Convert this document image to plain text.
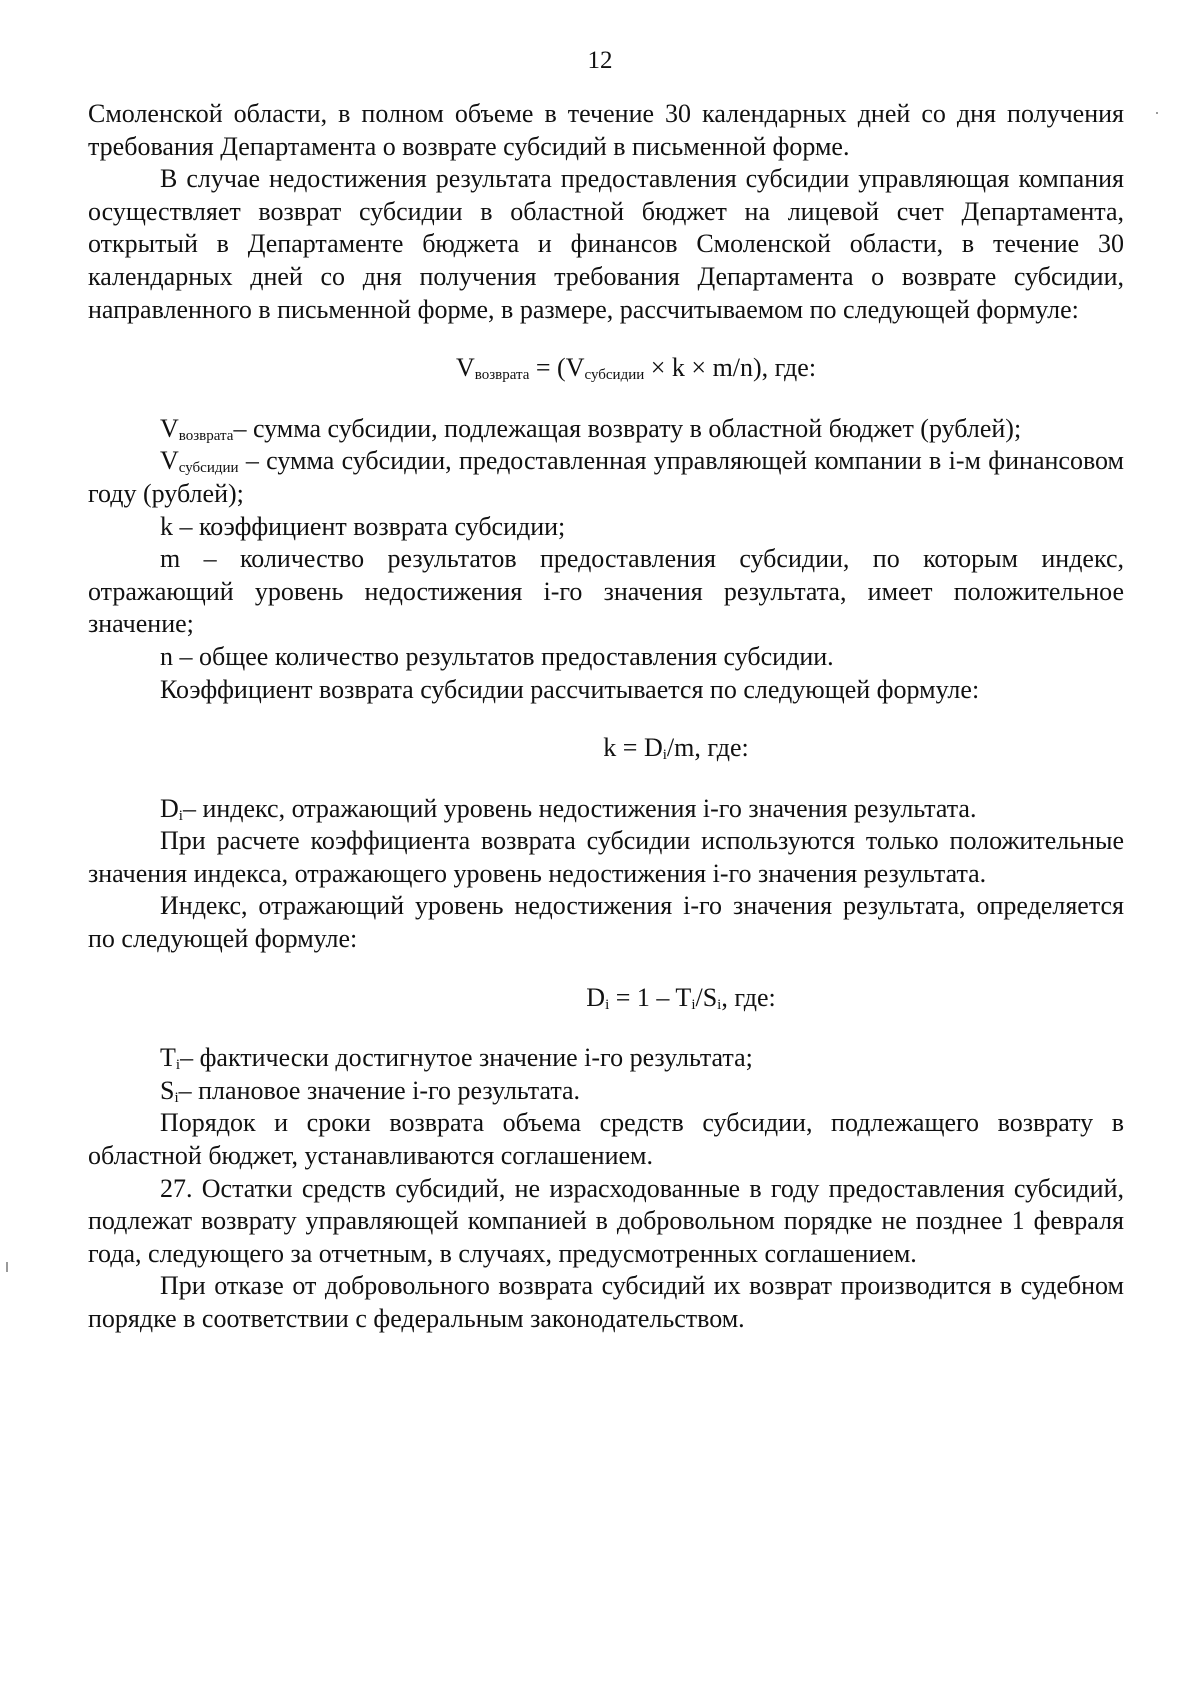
12

Смоленской области, в полном объеме в течение 30 календарных дней со дня получения требования Департамента о возврате субсидий в письменной форме.

В случае недостижения результата предоставления субсидии управляющая компания осуществляет возврат субсидии в областной бюджет на лицевой счет Департамента, открытый в Департаменте бюджета и финансов Смоленской области, в течение 30 календарных дней со дня получения требования Департамента о возврате субсидии, направленного в письменной форме, в размере, рассчитываемом по следующей формуле:

$V_{возврата} = (V_{субсидии} \times k \times m/n)$, где:

$V_{возврата}-$ сумма субсидии, подлежащая возврату в областной бюджет (рублей);

$V_{субсидии}$ – сумма субсидии, предоставленная управляющей компании в i-м финансовом году (рублей);

k – коэффициент возврата субсидии;

m – количество результатов предоставления субсидии, по которым индекс, отражающий уровень недостижения i-го значения результата, имеет положительное значение;

n – общее количество результатов предоставления субсидии.

Коэффициент возврата субсидии рассчитывается по следующей формуле:

$k = D_i/m$, где:

$D_i-$ индекс, отражающий уровень недостижения i-го значения результата.

При расчете коэффициента возврата субсидии используются только положительные значения индекса, отражающего уровень недостижения i-го значения результата.

Индекс, отражающий уровень недостижения i-го значения результата, определяется по следующей формуле:

$D_i = 1 - T_i/S_i$, где:

$T_i-$ фактически достигнутое значение i-го результата;

$S_i-$ плановое значение i-го результата.

Порядок и сроки возврата объема средств субсидии, подлежащего возврату в областной бюджет, устанавливаются соглашением.

27. Остатки средств субсидий, не израсходованные в году предоставления субсидий, подлежат возврату управляющей компанией в добровольном порядке не позднее 1 февраля года, следующего за отчетным, в случаях, предусмотренных соглашением.

При отказе от добровольного возврата субсидий их возврат производится в судебном порядке в соответствии с федеральным законодательством.
